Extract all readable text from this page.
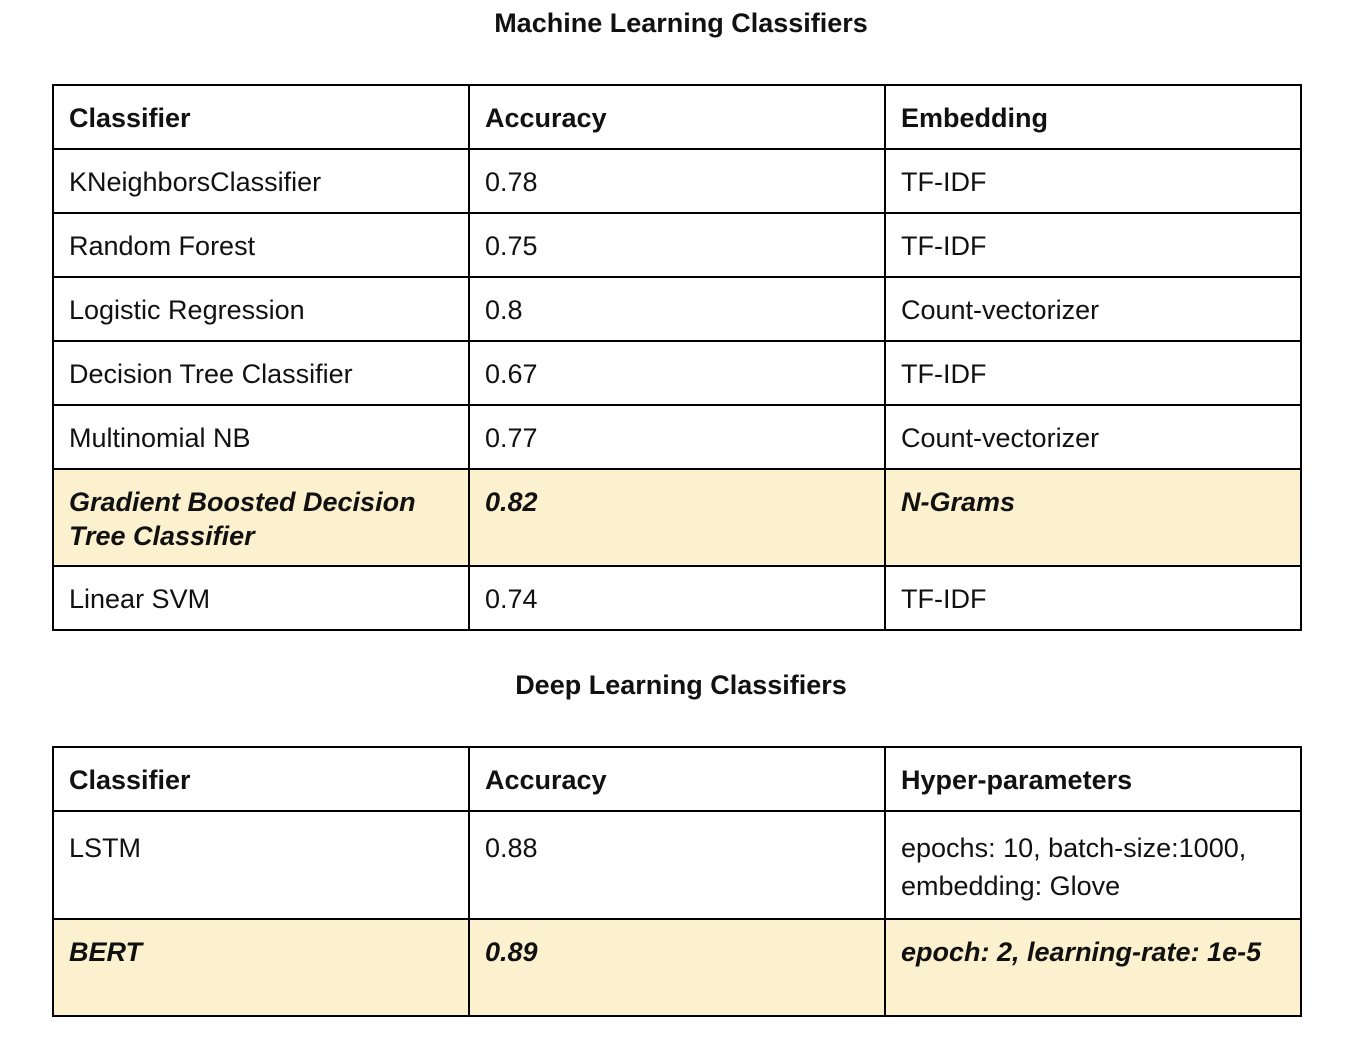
Machine Learning Classifiers
Classifier	Accuracy	Embedding
KNeighborsClassifier	0.78	TF-IDF
Random Forest	0.75	TF-IDF
Logistic Regression	0.8	Count-vectorizer
Decision Tree Classifier	0.67	TF-IDF
Multinomial NB	0.77	Count-vectorizer
Gradient Boosted Decision Tree Classifier	0.82	N-Grams
Linear SVM	0.74	TF-IDF
Deep Learning Classifiers
Classifier	Accuracy	Hyper-parameters
LSTM	0.88	epochs: 10, batch-size:1000, embedding: Glove
BERT	0.89	epoch: 2, learning-rate: 1e-5
